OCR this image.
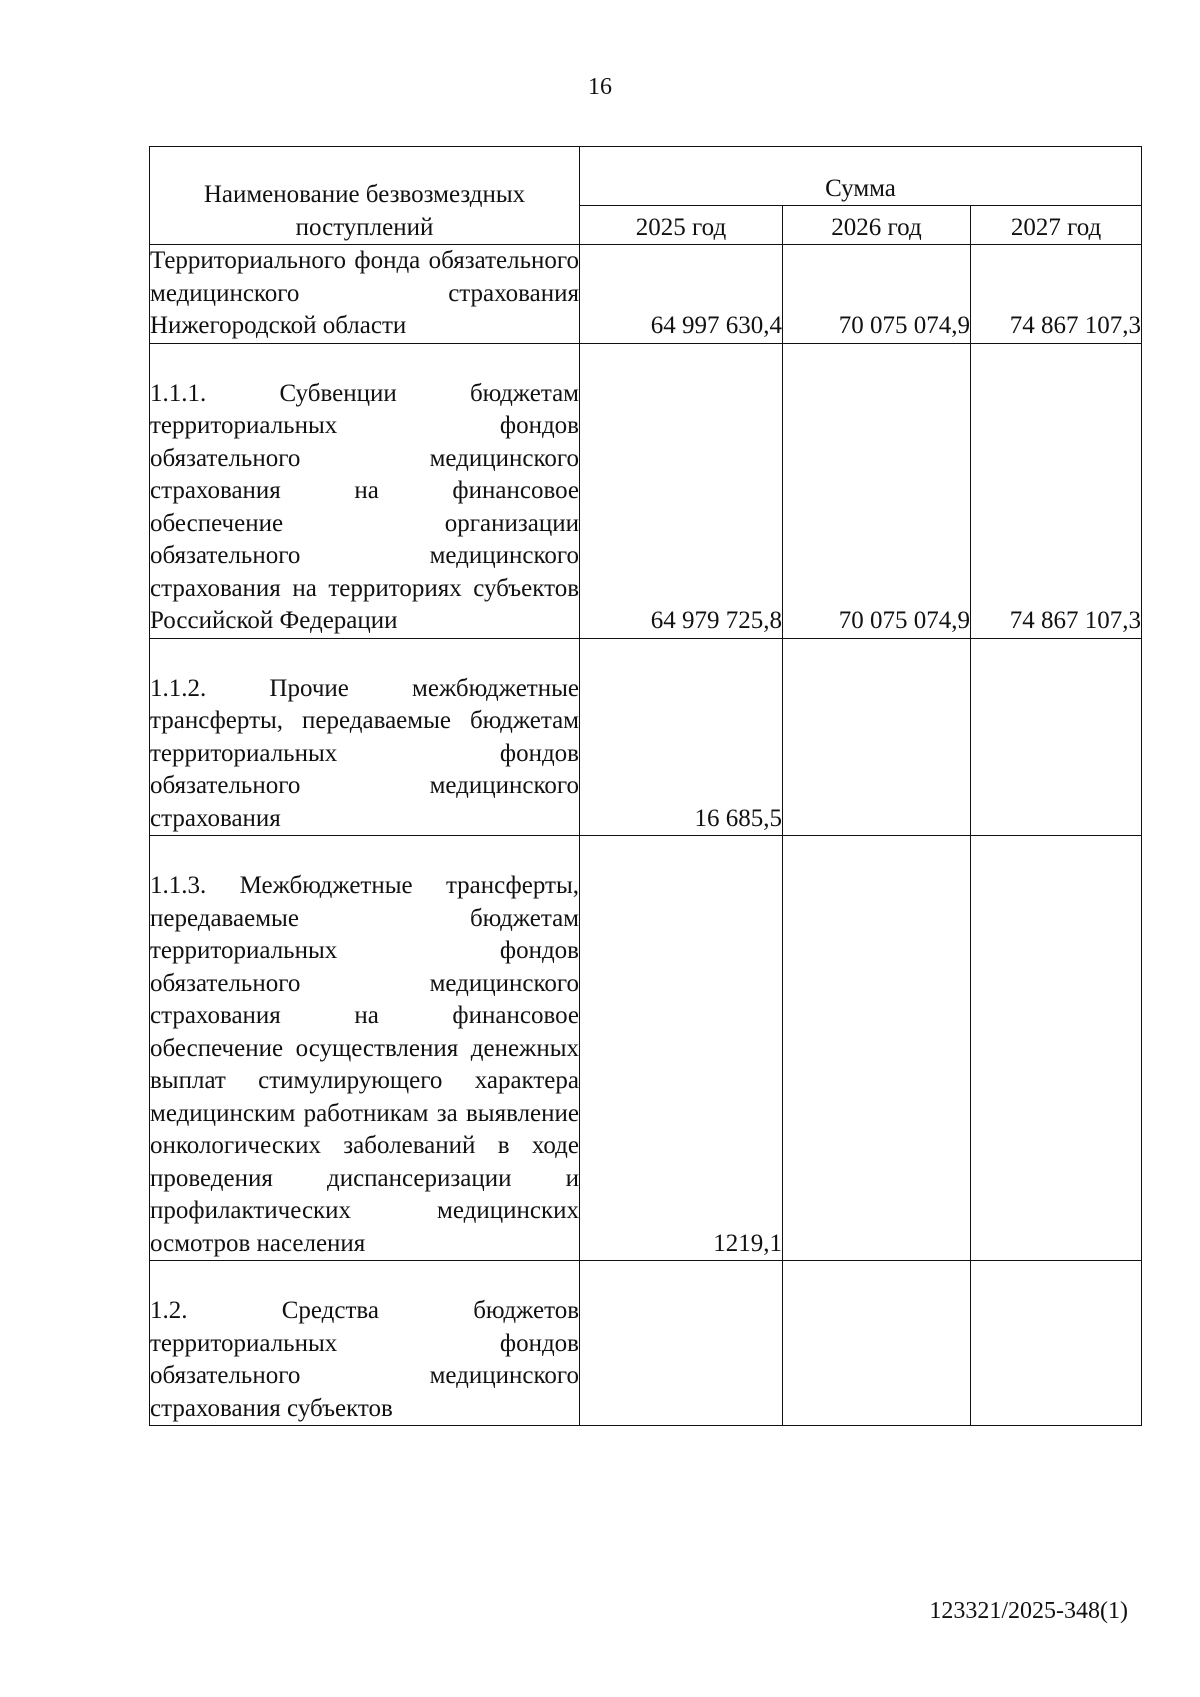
16
Наименование безвозмездных поступлений	Сумма		
	2025 год	2026 год	2027 год
Территориального фонда обязательного медицинского страхования Нижегородской области	64 997 630,4	70 075 074,9	74 867 107,3
1.1.1. Субвенции бюджетам территориальных фондов обязательного медицинского страхования на финансовое обеспечение организации обязательного медицинского страхования на территориях субъектов Российской Федерации	64 979 725,8	70 075 074,9	74 867 107,3
1.1.2. Прочие межбюджетные трансферты, передаваемые бюджетам территориальных фондов обязательного медицинского страхования	16 685,5		
1.1.3. Межбюджетные трансферты, передаваемые бюджетам территориальных фондов обязательного медицинского страхования на финансовое обеспечение осуществления денежных выплат стимулирующего характера медицинским работникам за выявление онкологических заболеваний в ходе проведения диспансеризации и профилактических медицинских осмотров населения	1219,1		
1.2. Средства бюджетов территориальных фондов обязательного медицинского страхования субъектов			
123321/2025-348(1)
